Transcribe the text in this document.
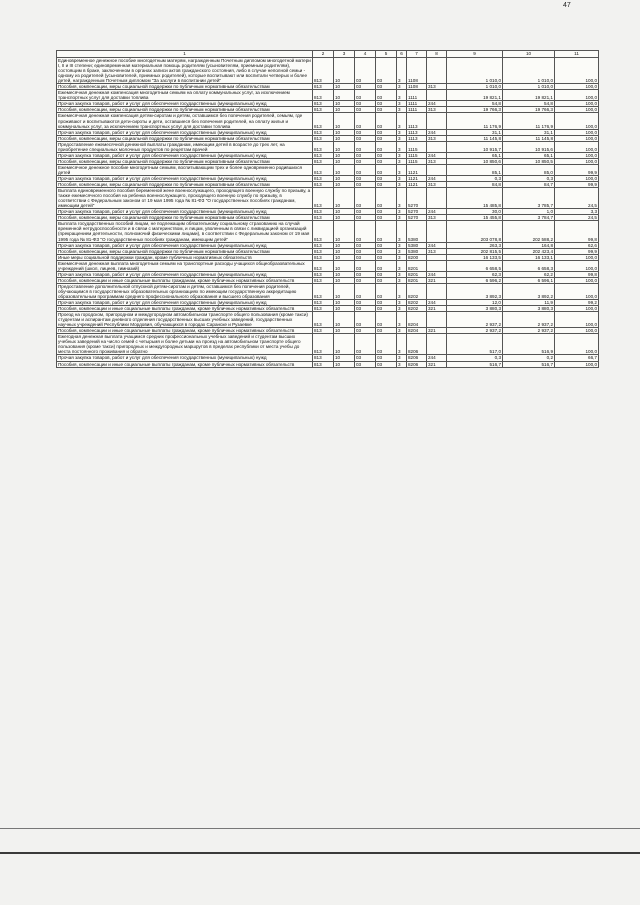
47
1	2	3	4	5	6	7	8	9	10	11
Единовременное денежное пособие многодетным матерям, награжденным Почетным дипломом многодетной матери I, II и III степени; единовременная материальная помощь родителям (усыновителям, приемным родителям), состоящим в браке, заключенном в органах записи актов гражданского состояния, либо в случае неполной семьи - одному из родителей (усыновителей, приемных родителей), которые воспитывают или воспитали четверых и более детей, награжденным Почетным дипломом "За заслуги в воспитании детей"	813	10	03	03	3	1108		1 010,0	1 010,0	100,0
Пособия, компенсации, меры социальной поддержки по публичным нормативным обязательствам	813	10	03	03	3	1108	313	1 010,0	1 010,0	100,0
Ежемесячная денежная компенсация многодетным семьям на оплату коммунальных услуг, за исключением транспортных услуг для доставки топлива	813	10	03	03	3	1111		19 821,1	19 821,1	100,0
Прочая закупка товаров, работ и услуг для обеспечения государственных (муниципальных) нужд	813	10	03	03	3	1111	244	54,8	54,8	100,0
Пособия, компенсации, меры социальной поддержки по публичным нормативным обязательствам	813	10	03	03	3	1111	313	19 766,3	19 766,3	100,0
Ежемесячная денежная компенсация детям-сиротам и детям, оставшимся без попечения родителей, семьям, где проживают и воспитываются дети-сироты и дети, оставшиеся без попечения родителей, на оплату жилья и коммунальных услуг, за исключением транспортных услуг для доставки топлива	813	10	03	03	3	1113		11 176,9	11 176,9	100,0
Прочая закупка товаров, работ и услуг для обеспечения государственных (муниципальных) нужд	813	10	03	03	3	1113	244	31,1	31,1	100,0
Пособия, компенсации, меры социальной поддержки по публичным нормативным обязательствам	813	10	03	03	3	1113	313	11 145,8	11 145,8	100,0
Предоставление ежемесячной денежной выплаты гражданам, имеющим детей в возрасте до трех лет, на приобретение специальных молочных продуктов по рецептам врачей	813	10	03	03	3	1115		10 915,7	10 915,6	100,0
Прочая закупка товаров, работ и услуг для обеспечения государственных (муниципальных) нужд	813	10	03	03	3	1115	244	65,1	65,1	100,0
Пособия, компенсации, меры социальной поддержки по публичным нормативным обязательствам	813	10	03	03	3	1115	313	10 850,6	10 850,5	100,0
Ежемесячное денежное пособие многодетным семьям, воспитывающим трех и более одновременно родившихся детей	813	10	03	03	3	1121		85,1	85,0	99,9
Прочая закупка товаров, работ и услуг для обеспечения государственных (муниципальных) нужд	813	10	03	03	3	1121	244	0,3	0,3	100,0
Пособия, компенсации, меры социальной поддержки по публичным нормативным обязательствам	813	10	03	03	3	1121	313	84,8	84,7	99,9
Выплата единовременного пособия беременной жене военнослужащего, проходящего военную службу по призыву, а также ежемесячного пособия на ребенка военнослужащего, проходящего военную службу по призыву, в соответствии с Федеральным законом от 19 мая 1995 года № 81-ФЗ "О государственных пособиях гражданам, имеющим детей"	813	10	03	03	3	5270		15 485,8	3 785,7	24,5
Прочая закупка товаров, работ и услуг для обеспечения государственных (муниципальных) нужд	813	10	03	03	3	5270	244	30,0	1,0	3,3
Пособия, компенсации, меры социальной поддержки по публичным нормативным обязательствам	813	10	03	03	3	5270	313	15 455,8	3 784,7	24,5
Выплата государственных пособий лицам, не подлежащим обязательному социальному страхованию на случай временной нетрудоспособности и в связи с материнством, и лицам, уволенным в связи с ликвидацией организаций (прекращением деятельности, полномочий физическими лицами), в соответствии с Федеральным законом от 19 мая 1995 года № 81-ФЗ "О государственных пособиях гражданам, имеющим детей"	813	10	03	03	3	5380		203 078,8	202 588,2	99,8
Прочая закупка товаров, работ и услуг для обеспечения государственных (муниципальных) нужд	813	10	03	03	3	5380	244	263,3	164,8	62,6
Пособия, компенсации, меры социальной поддержки по публичным нормативным обязательствам	813	10	03	03	3	5380	313	202 815,5	202 423,4	99,9
Иные меры социальной поддержки граждан, кроме публичных нормативных обязательств	813	10	03	03	3	8200		16 133,5	16 133,1	100,0
Ежемесячная денежная выплата многодетным семьям на транспортные расходы учащихся общеобразовательных учреждений (школ, лицеев, гимназий)	813	10	03	03	3	8201		6 658,5	6 658,3	100,0
Прочая закупка товаров, работ и услуг для обеспечения государственных (муниципальных) нужд	813	10	03	03	3	8201	244	62,3	62,2	99,8
Пособия, компенсации и иные социальные выплаты гражданам, кроме публичных нормативных обязательств	813	10	03	03	3	8201	321	6 596,2	6 596,1	100,0
Предоставление дополнительной отпускной детям-сиротам и детям, оставшимся без попечения родителей, обучающимся в государственных образовательных организациях по имеющим государственную аккредитацию образовательным программам среднего профессионального образования и высшего образования	813	10	03	03	3	8202		3 892,3	3 892,2	100,0
Прочая закупка товаров, работ и услуг для обеспечения государственных (муниципальных) нужд	813	10	03	03	3	8202	244	12,0	11,9	99,2
Пособия, компенсации и иные социальные выплаты гражданам, кроме публичных нормативных обязательств	813	10	03	03	3	8202	321	3 880,3	3 880,3	100,0
Проезд на городском, пригородном и междугородном автомобильном транспорте общего пользования (кроме такси) студентам и аспирантам дневного отделения государственных высших учебных заведений, государственных научных учреждений Республики Мордовия, обучающихся в городах Саранске и Рузаевке	813	10	03	03	3	8204		2 937,2	2 937,2	100,0
Пособия, компенсации и иные социальные выплаты гражданам, кроме публичных нормативных обязательств	813	10	03	03	3	8204	321	2 937,2	2 937,2	100,0
Ежегодная денежная выплата учащимся средних профессиональных учебных заведений и студентам высших учебных заведений на число семей с четырьмя и более детьми на проезд на автомобильном транспорте общего пользования (кроме такси) пригородных и междугородных маршрутов в пределах республики от места учебы до места постоянного проживания и обратно	813	10	03	03	3	8206		517,0	516,9	100,0
Прочая закупка товаров, работ и услуг для обеспечения государственных (муниципальных) нужд	813	10	03	03	3	8206	244	0,3	0,2	66,7
Пособия, компенсации и иные социальные выплаты гражданам, кроме публичных нормативных обязательств	813	10	03	03	3	8206	321	516,7	516,7	100,0
